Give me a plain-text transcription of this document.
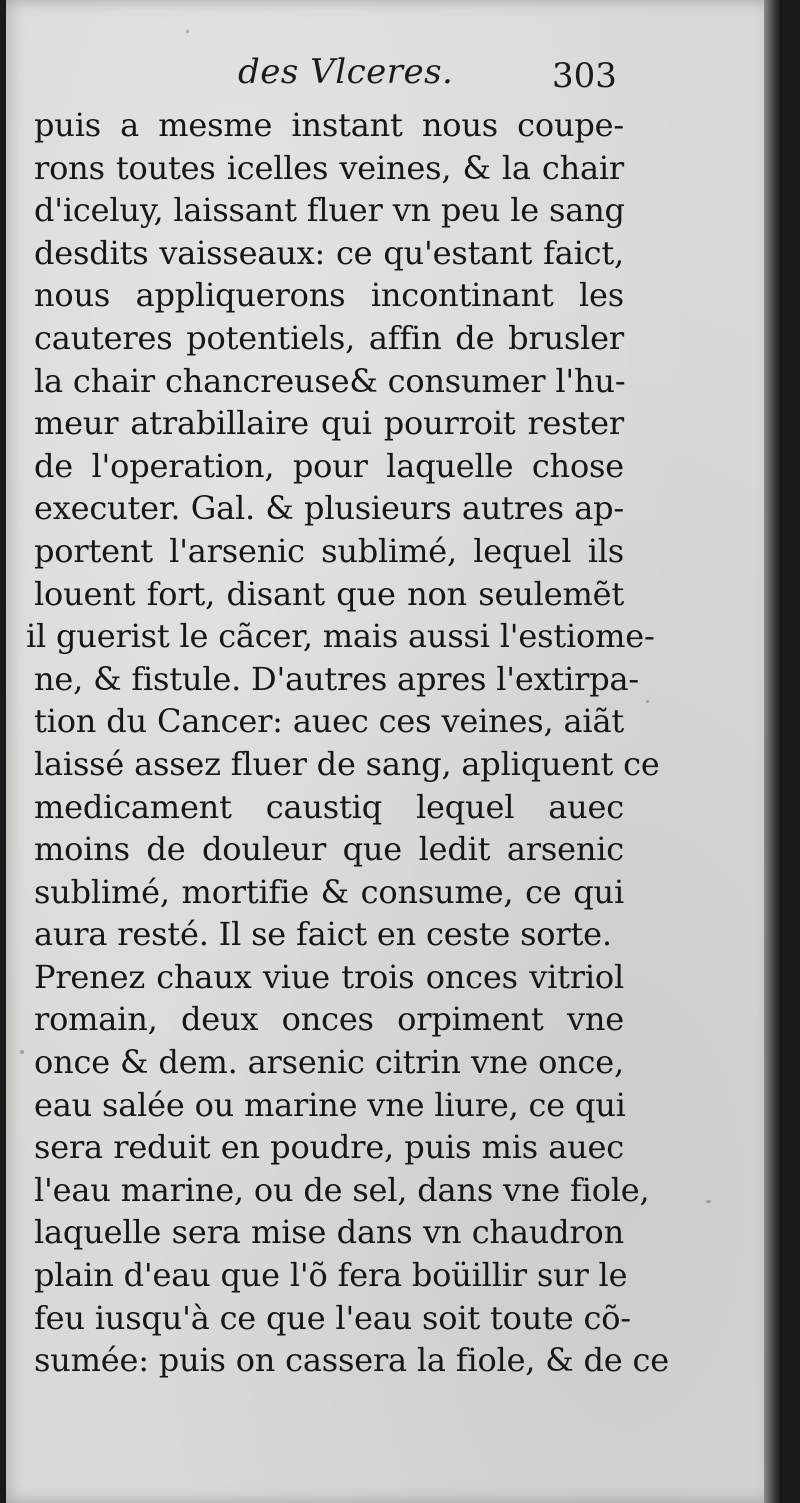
des Vlceres.	303
puis a mesme instant nous coupe-
rons toutes icelles veines, & la chair
d'iceluy, laissant fluer vn peu le sang
desdits vaisseaux: ce qu'estant faict,
nous appliquerons incontinant les
cauteres potentiels, affin de brusler
la chair chancreuse& consumer l'hu-
meur atrabillaire qui pourroit rester
de l'operation, pour laquelle chose
executer. Gal. & plusieurs autres ap-
portent l'arsenic sublimé, lequel ils
louent fort, disant que non seulemẽt
il guerist le cãcer, mais aussi l'estiome-
ne, & fistule. D'autres apres l'extirpa-
tion du Cancer: auec ces veines, aiãt
laissé assez fluer de sang, apliquent ce
medicament caustiq lequel auec
moins de douleur que ledit arsenic
sublimé, mortifie & consume, ce qui
aura resté. Il se faict en ceste sorte.
Prenez chaux viue trois onces vitriol
romain, deux onces orpiment vne
once & dem. arsenic citrin vne once,
eau salée ou marine vne liure, ce qui
sera reduit en poudre, puis mis auec
l'eau marine, ou de sel, dans vne fiole,
laquelle sera mise dans vn chaudron
plain d'eau que l'õ fera boüillir sur le
feu iusqu'à ce que l'eau soit toute cõ-
sumée: puis on cassera la fiole, & de ce
